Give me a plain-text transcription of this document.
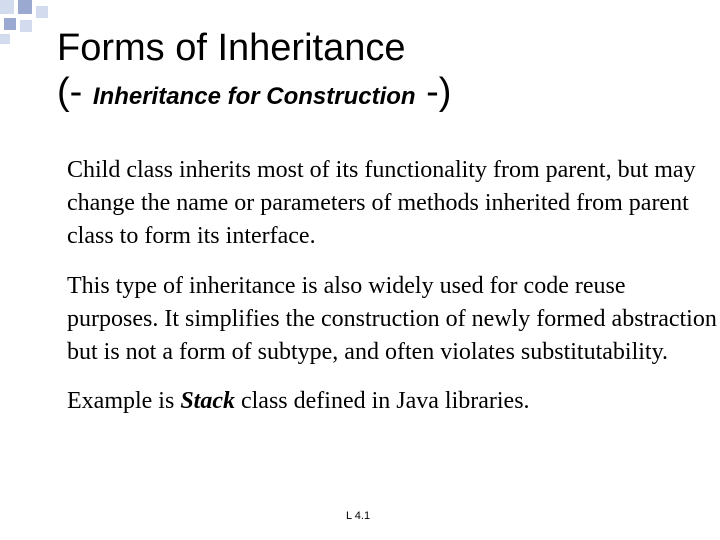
Forms of Inheritance
(- Inheritance for Construction -)

Child class inherits most of its functionality from parent, but may change the name or parameters of methods inherited from parent class to form its interface.

This type of inheritance is also widely used for code reuse purposes. It simplifies the construction of newly formed abstraction but is not a form of subtype, and often violates substitutability.

Example is Stack class defined in Java libraries.

L 4.1
